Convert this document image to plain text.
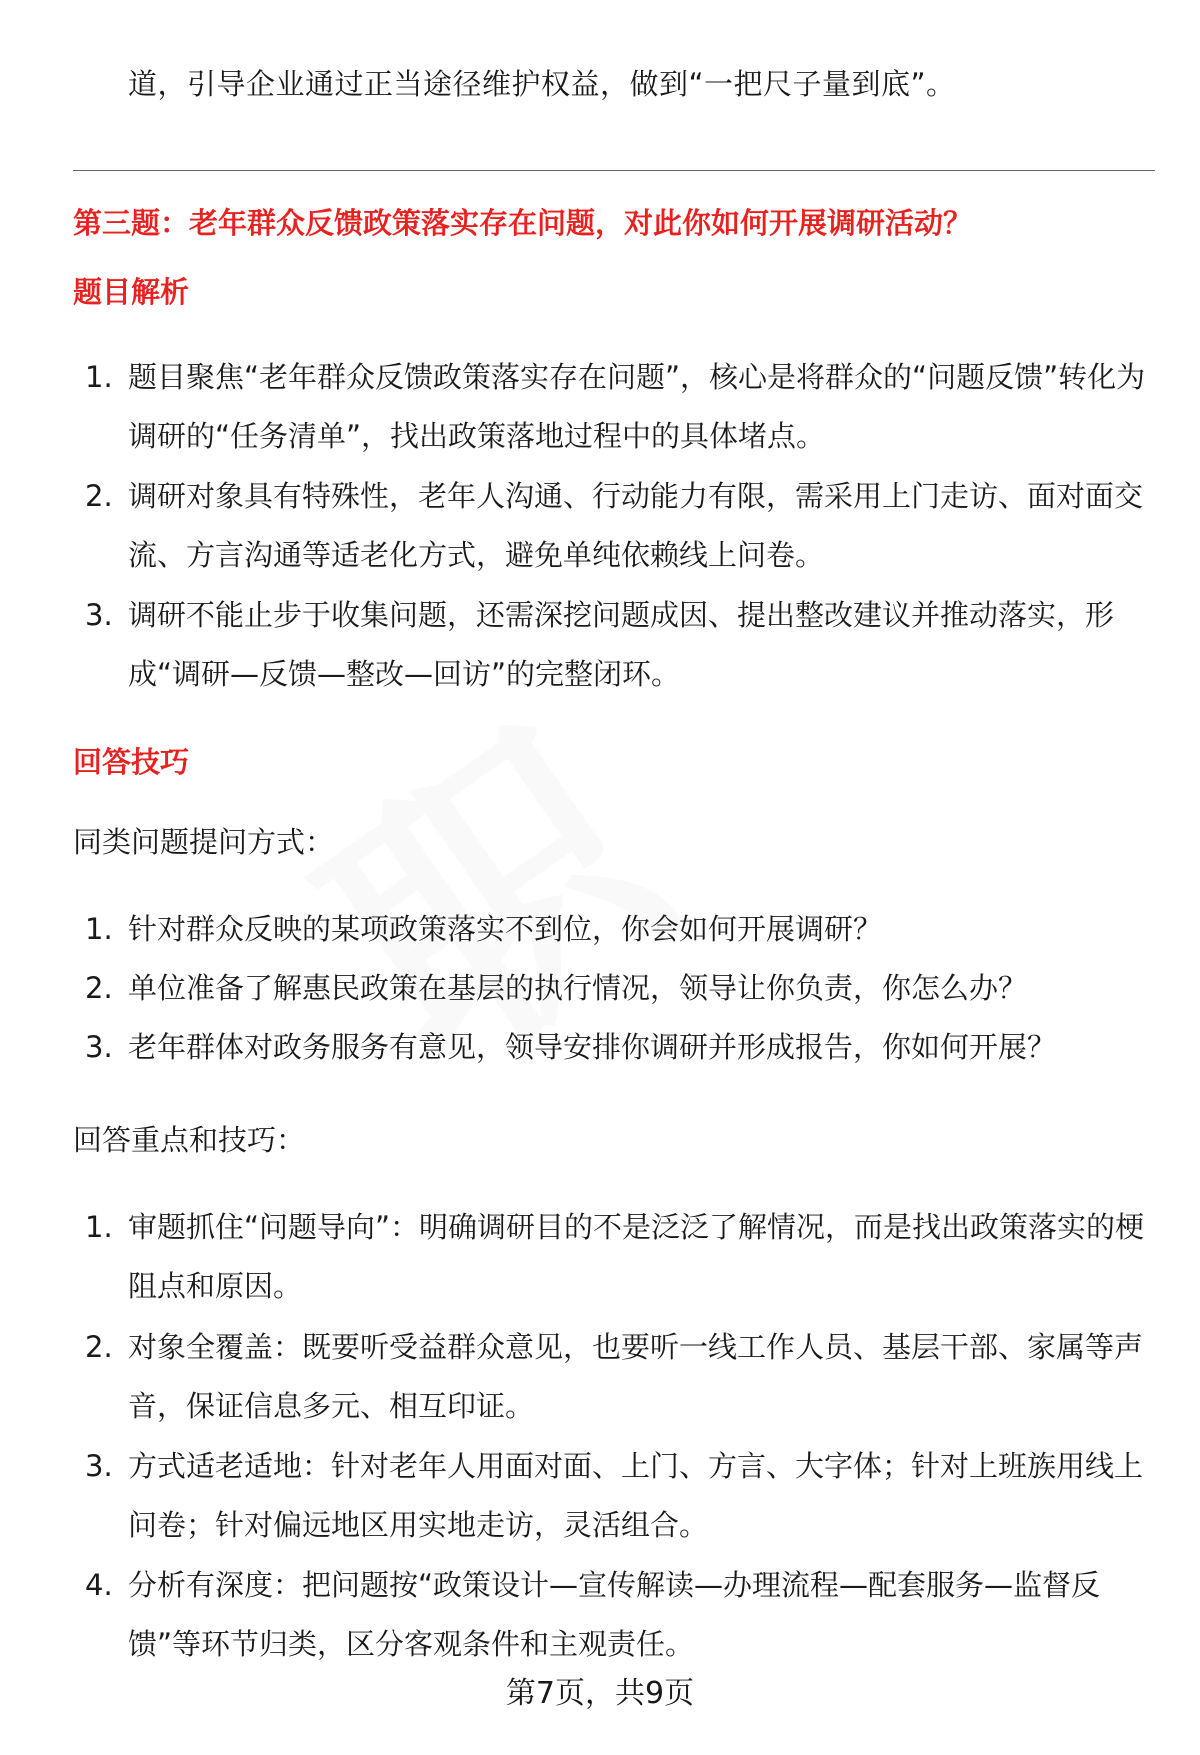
道，引导企业通过正当途径维护权益，做到“一把尺子量到底”。
第三题：老年群众反馈政策落实存在问题，对此你如何开展调研活动？
题目解析
1. 题目聚焦“老年群众反馈政策落实存在问题”，核心是将群众的“问题反馈”转化为调研的“任务清单”，找出政策落地过程中的具体堵点。
2. 调研对象具有特殊性，老年人沟通、行动能力有限，需采用上门走访、面对面交流、方言沟通等适老化方式，避免单纯依赖线上问卷。
3. 调研不能止步于收集问题，还需深挖问题成因、提出整改建议并推动落实，形成“调研—反馈—整改—回访”的完整闭环。
回答技巧
同类问题提问方式：
1. 针对群众反映的某项政策落实不到位，你会如何开展调研？
2. 单位准备了解惠民政策在基层的执行情况，领导让你负责，你怎么办？
3. 老年群体对政务服务有意见，领导安排你调研并形成报告，你如何开展？
回答重点和技巧：
1. 审题抓住“问题导向”：明确调研目的不是泛泛了解情况，而是找出政策落实的梗阻点和原因。
2. 对象全覆盖：既要听受益群众意见，也要听一线工作人员、基层干部、家属等声音，保证信息多元、相互印证。
3. 方式适老适地：针对老年人用面对面、上门、方言、大字体；针对上班族用线上问卷；针对偏远地区用实地走访，灵活组合。
4. 分析有深度：把问题按“政策设计—宣传解读—办理流程—配套服务—监督反馈”等环节归类，区分客观条件和主观责任。
第7页，共9页
